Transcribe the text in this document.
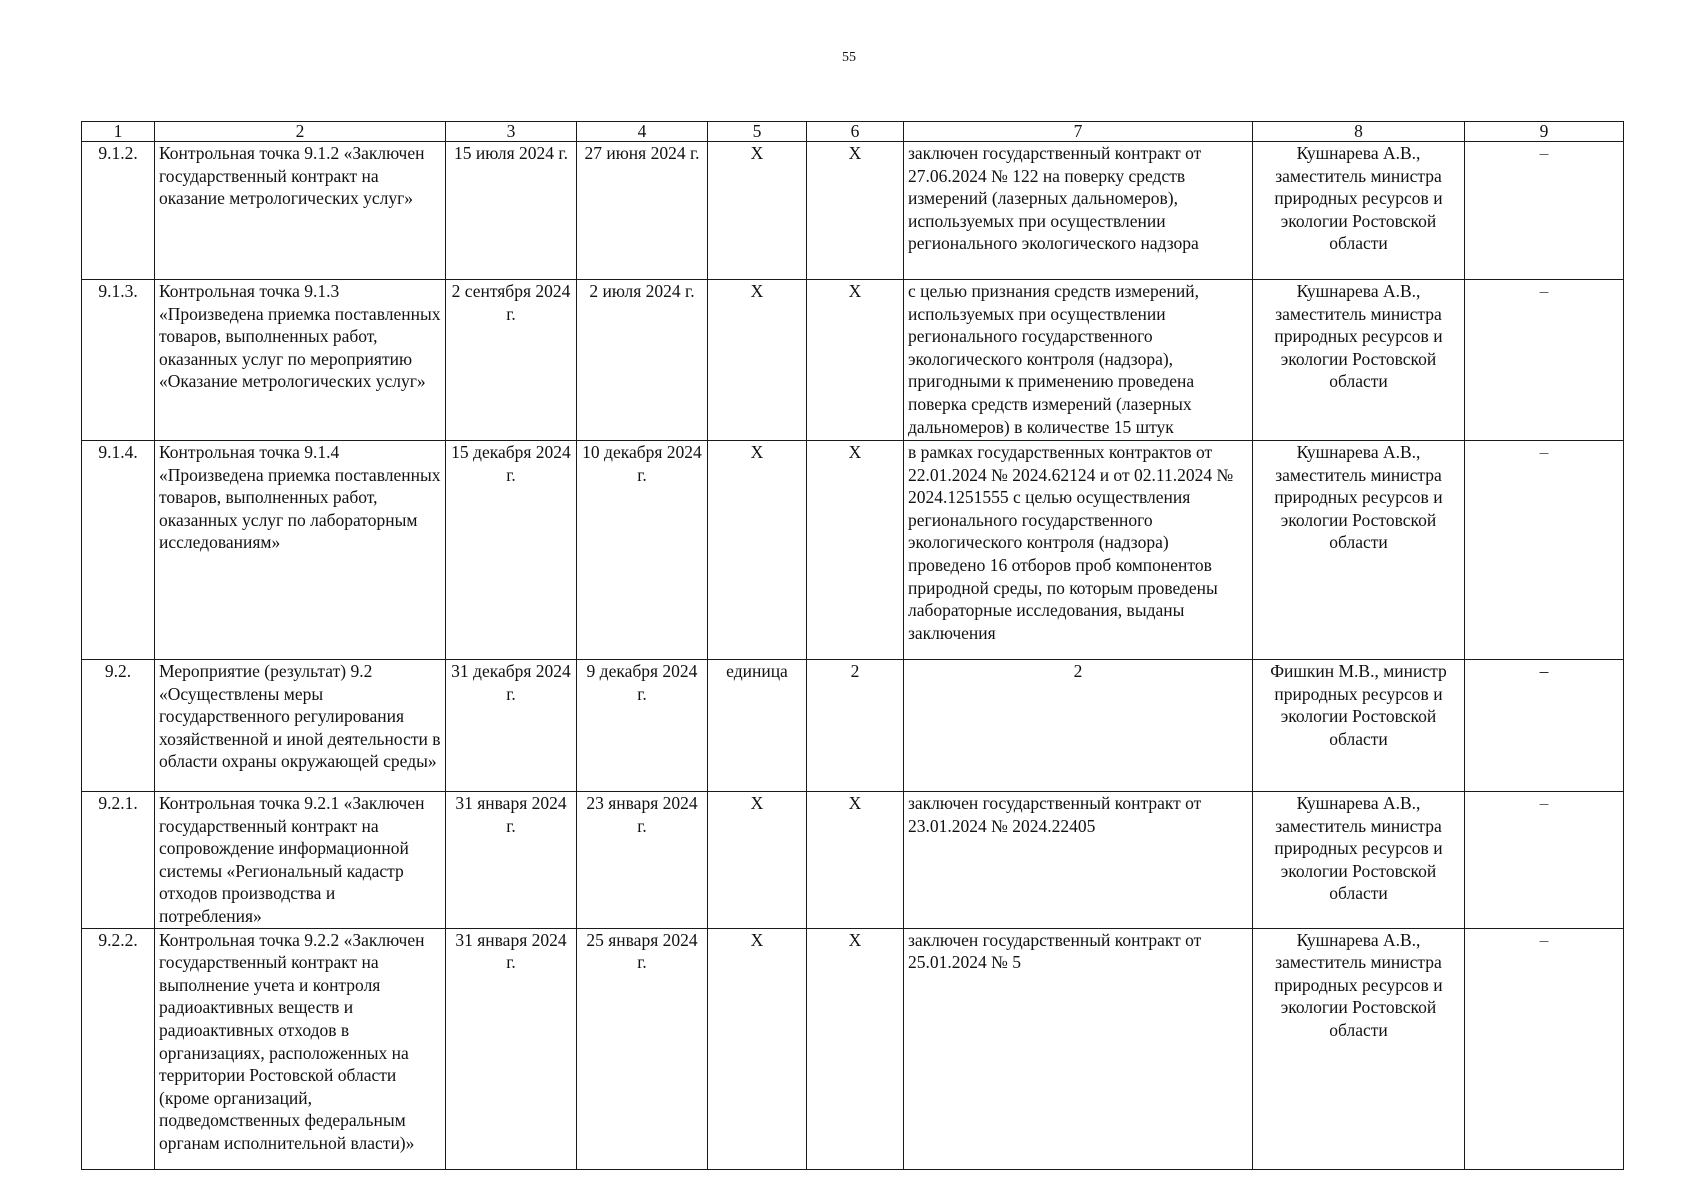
55
1	2	3	4	5	6	7	8	9
9.1.2.	Контрольная точка 9.1.2 «Заключен государственный контракт на оказание метрологических услуг»	15 июля 2024 г.	27 июня 2024 г.	X	X	заключен государственный контракт от 27.06.2024 № 122 на поверку средств измерений (лазерных дальномеров), используемых при осуществлении регионального экологического надзора	Кушнарева А.В., заместитель министра природных ресурсов и экологии Ростовской области	–
9.1.3.	Контрольная точка 9.1.3 «Произведена приемка поставленных товаров, выполненных работ, оказанных услуг по мероприятию «Оказание метрологических услуг»	2 сентября 2024 г.	2 июля 2024 г.	X	X	с целью признания средств измерений, используемых при осуществлении регионального государственного экологического контроля (надзора), пригодными к применению проведена поверка средств измерений (лазерных дальномеров) в количестве 15 штук	Кушнарева А.В., заместитель министра природных ресурсов и экологии Ростовской области	–
9.1.4.	Контрольная точка 9.1.4 «Произведена приемка поставленных товаров, выполненных работ, оказанных услуг по лабораторным исследованиям»	15 декабря 2024 г.	10 декабря 2024 г.	X	X	в рамках государственных контрактов от 22.01.2024 № 2024.62124 и от 02.11.2024 № 2024.1251555 с целью осуществления регионального государственного экологического контроля (надзора) проведено 16 отборов проб компонентов природной среды, по которым проведены лабораторные исследования, выданы заключения	Кушнарева А.В., заместитель министра природных ресурсов и экологии Ростовской области	–
9.2.	Мероприятие (результат) 9.2 «Осуществлены меры государственного регулирования хозяйственной и иной деятельности в области охраны окружающей среды»	31 декабря 2024 г.	9 декабря 2024 г.	единица	2	2	Фишкин М.В., министр природных ресурсов и экологии Ростовской области	–
9.2.1.	Контрольная точка 9.2.1 «Заключен государственный контракт на сопровождение информационной системы «Региональный кадастр отходов производства и потребления»	31 января 2024 г.	23 января 2024 г.	X	X	заключен государственный контракт от 23.01.2024 № 2024.22405	Кушнарева А.В., заместитель министра природных ресурсов и экологии Ростовской области	–
9.2.2.	Контрольная точка 9.2.2 «Заключен государственный контракт на выполнение учета и контроля радиоактивных веществ и радиоактивных отходов в организациях, расположенных на территории Ростовской области (кроме организаций, подведомственных федеральным органам исполнительной власти)»	31 января 2024 г.	25 января 2024 г.	X	X	заключен государственный контракт от 25.01.2024 № 5	Кушнарева А.В., заместитель министра природных ресурсов и экологии Ростовской области	–
